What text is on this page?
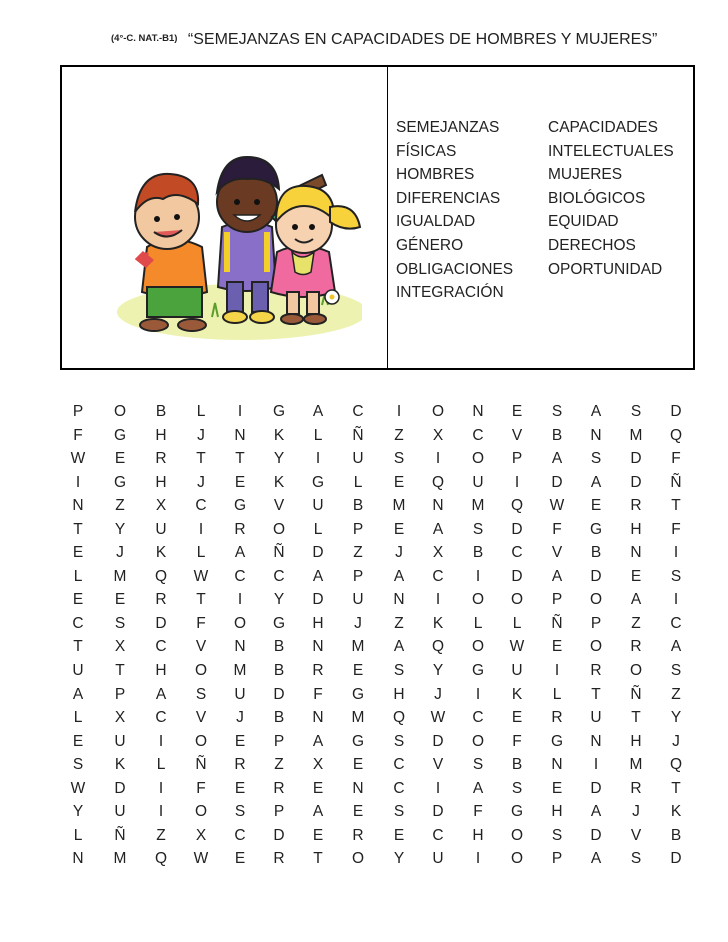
(4°-C. NAT.-B1) “SEMEJANZAS EN CAPACIDADES DE HOMBRES Y MUJERES”
SEMEJANZAS	CAPACIDADES
FÍSICAS	INTELECTUALES
HOMBRES	MUJERES
DIFERENCIAS	BIOLÓGICOS
IGUALDAD	EQUIDAD
GÉNERO	DERECHOS
OBLIGACIONES OPORTUNIDAD
INTEGRACIÓN
P	O	B	L	I	G	A	C	I	O	N	E	S	A	S	D
F	G	H	J	N	K	L	Ñ	Z	X	C	V	B	N	M	Q
W	E	R	T	T	Y	I	U	S	I	O	P	A	S	D	F
I	G	H	J	E	K	G	L	E	Q	U	I	D	A	D	Ñ
N	Z	X	C	G	V	U	B	M	N	M	Q	W	E	R	T
T	Y	U	I	R	O	L	P	E	A	S	D	F	G	H	F
E	J	K	L	A	Ñ	D	Z	J	X	B	C	V	B	N	I
L	M	Q	W	C	C	A	P	A	C	I	D	A	D	E	S
E	E	R	T	I	Y	D	U	N	I	O	O	P	O	A	I
C	S	D	F	O	G	H	J	Z	K	L	L	Ñ	P	Z	C
T	X	C	V	N	B	N	M	A	Q	O	W	E	O	R	A
U	T	H	O	M	B	R	E	S	Y	G	U	I	R	O	S
A	P	A	S	U	D	F	G	H	J	I	K	L	T	Ñ	Z
L	X	C	V	J	B	N	M	Q	W	C	E	R	U	T	Y
E	U	I	O	E	P	A	G	S	D	O	F	G	N	H	J
S	K	L	Ñ	R	Z	X	E	C	V	S	B	N	I	M	Q
W	D	I	F	E	R	E	N	C	I	A	S	E	D	R	T
Y	U	I	O	S	P	A	E	S	D	F	G	H	A	J	K
L	Ñ	Z	X	C	D	E	R	E	C	H	O	S	D	V	B
N	M	Q	W	E	R	T	O	Y	U	I	O	P	A	S	D
